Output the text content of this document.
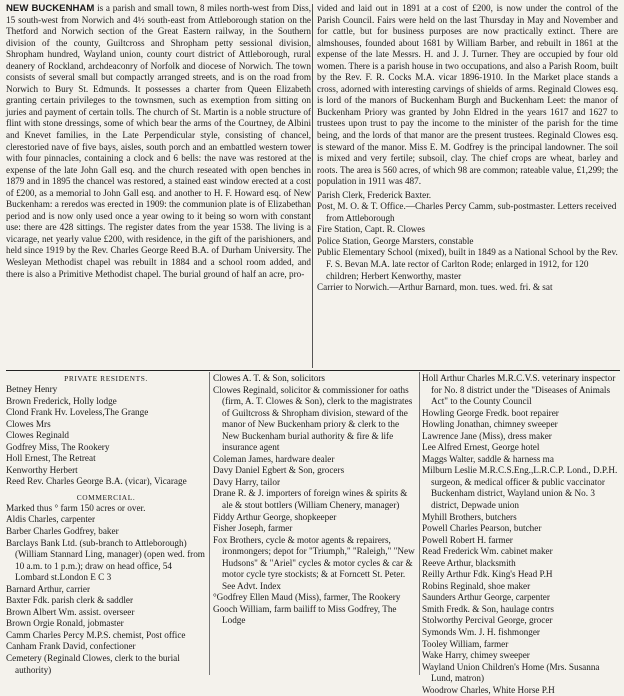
NEW BUCKENHAM is a parish and small town, 8 miles north-west from Diss, 15 south-west from Norwich and 4½ south-east from Attleborough station on the Thetford and Norwich section of the Great Eastern railway, in the Southern division of the county, Guiltcross and Shropham petty sessional division, Shropham hundred, Wayland union, county court district of Attleborough, rural deanery of Rockland, archdeaconry of Norfolk and diocese of Norwich. The town consists of several small but compactly arranged streets, and is on the road from Norwich to Bury St. Edmunds. It possesses a charter from Queen Elizabeth granting certain privileges to the townsmen, such as exemption from sitting on juries and payment of certain tolls. The church of St. Martin is a noble structure of flint with stone dressings, some of which bear the arms of the Courtney, de Albini and Knevet families, in the Late Perpendicular style, consisting of chancel, clerestoried nave of five bays, aisles, south porch and an embattled western tower with four pinnacles, containing a clock and 6 bells: the nave was restored at the expense of the late John Gall esq. and the church reseated with open benches in 1879 and in 1895 the chancel was restored, a stained east window erected at a cost of £200, as a memorial to John Gall esq. and another to H. F. Howard esq. of New Buckenham: a reredos was erected in 1909: the communion plate is of Elizabethan period and is now only used once a year owing to it being so worn with constant use: there are 428 sittings. The register dates from the year 1538. The living is a vicarage, net yearly value £200, with residence, in the gift of the parishioners, and held since 1919 by the Rev. Charles George Reed B.A. of Durham University. The Wesleyan Methodist chapel was rebuilt in 1884 and a school room added, and there is also a Primitive Methodist chapel. The burial ground of half an acre, pro-

vided and laid out in 1891 at a cost of £200, is now under the control of the Parish Council. Fairs were held on the last Thursday in May and November and for cattle, but for business purposes are now practically extinct. There are almshouses, founded about 1681 by William Barber, and rebuilt in 1861 at the expense of the late Messrs. H. and J. J. Turner. They are occupied by four old women. There is a parish house in two occupations, and also a Parish Room, built by the Rev. F. R. Cocks M.A. vicar 1896-1910. In the Market place stands a cross, adorned with interesting carvings of shields of arms. Reginald Clowes esq. is lord of the manors of Buckenham Burgh and Buckenham Leet: the manor of Buckenham Priory was granted by John Eldred in the years 1617 and 1627 to trustees upon trust to pay the income to the minister of the parish for the time being, and the lords of that manor are the present trustees. Reginald Clowes esq. is steward of the manor. Miss E. M. Godfrey is the principal landowner. The soil is mixed and very fertile; subsoil, clay. The chief crops are wheat, barley and roots. The area is 560 acres, of which 98 are common; rateable value, £1,299; the population in 1911 was 487.

Parish Clerk, Frederick Baxter.

Post, M. O. & T. Office.—Charles Percy Camm, sub-postmaster. Letters received from Attleborough

Fire Station, Capt. R. Clowes

Police Station, George Marsters, constable

Public Elementary School (mixed), built in 1849 as a National School by the Rev. F. S. Bevan M.A. late rector of Carlton Rode; enlarged in 1912, for 120 children; Herbert Kenworthy, master

Carrier to Norwich.—Arthur Barnard, mon. tues. wed. fri. & sat

PRIVATE RESIDENTS.

Betney Henry

Brown Frederick, Holly lodge

Clond Frank Hv. Loveless,The Grange

Clowes Mrs

Clowes Reginald

Godfrey Miss, The Rookery

Holl Ernest, The Retreat

Kenworthy Herbert

Reed Rev. Charles George B.A. (vicar), Vicarage

COMMERCIAL.

Marked thus ° farm 150 acres or over.

Aldis Charles, carpenter

Barber Charles Godfrey, baker

Barclays Bank Ltd. (sub-branch to Attleborough) (William Stannard Ling, manager) (open wed. from 10 a.m. to 1 p.m.); draw on head office, 54 Lombard st.London E C 3

Barnard Arthur, carrier

Baxter Fdk. parish clerk & saddler

Brown Albert Wm. assist. overseer

Brown Orgie Ronald, jobmaster

Camm Charles Percy M.P.S. chemist, Post office

Canham Frank David, confectioner

Cemetery (Reginald Clowes, clerk to the burial authority)

Clowes A. T. & Son, solicitors

Clowes Reginald, solicitor & commissioner for oaths (firm, A. T. Clowes & Son), clerk to the magistrates of Guiltcross & Shropham division, steward of the manor of New Buckenham priory & clerk to the New Buckenham burial authority & fire & life insurance agent

Coleman James, hardware dealer

Davy Daniel Egbert & Son, grocers

Davy Harry, tailor

Drane R. & J. importers of foreign wines & spirits & ale & stout bottlers (William Chenery, manager)

Fiddy Arthur George, shopkeeper

Fisher Joseph, farmer

Fox Brothers, cycle & motor agents & repairers, ironmongers; depot for "Triumph," "Raleigh," "New Hudsons" & "Ariel" cycles & motor cycles & car & motor cycle tyre stockists; & at Forncett St. Peter. See Advt. Index

°Godfrey Ellen Maud (Miss), farmer, The Rookery

Gooch William, farm bailiff to Miss Godfrey, The Lodge

Holl Arthur Charles M.R.C.V.S. veterinary inspector for No. 8 district under the "Diseases of Animals Act" to the County Council

Howling George Fredk. boot repairer

Howling Jonathan, chimney sweeper

Lawrence Jane (Miss), dress maker

Lee Alfred Ernest, George hotel

Maggs Walter, saddle & harness ma

Milburn Leslie M.R.C.S.Eng.,L.R.C.P. Lond., D.P.H. surgeon, & medical officer & public vaccinator Buckenham district, Wayland union & No. 3 district, Depwade union

Myhill Brothers, butchers

Powell Charles Pearson, butcher

Powell Robert H. farmer

Read Frederick Wm. cabinet maker

Reeve Arthur, blacksmith

Reilly Arthur Fdk. King's Head P.H

Robins Reginald, shoe maker

Saunders Arthur George, carpenter

Smith Fredk. & Son, haulage contrs

Stolworthy Percival George, grocer

Symonds Wm. J. H. fishmonger

Tooley William, farmer

Wake Harry, chimey sweeper

Wayland Union Children's Home (Mrs. Susanna Lund, matron)

Woodrow Charles, White Horse P.H
